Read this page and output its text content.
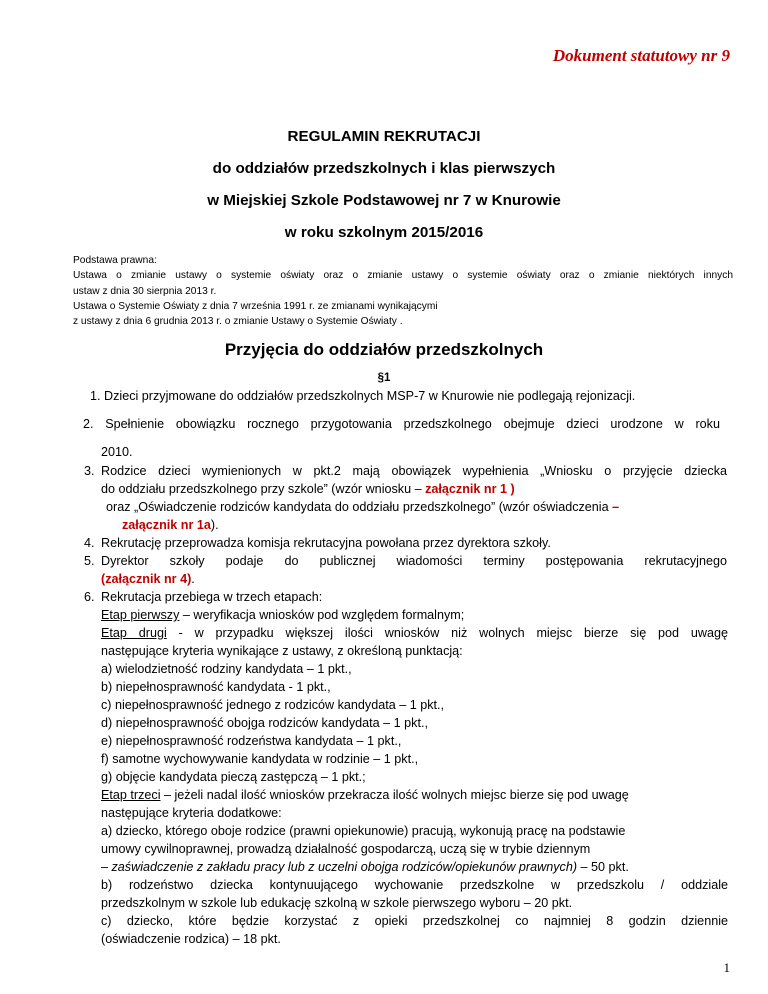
Dokument statutowy nr 9
REGULAMIN REKRUTACJI
do oddziałów przedszkolnych i klas pierwszych
w Miejskiej Szkole Podstawowej nr 7 w Knurowie
w roku szkolnym 2015/2016
Podstawa prawna:
Ustawa o zmianie ustawy o systemie oświaty oraz o zmianie ustawy o systemie oświaty oraz o zmianie niektórych innych
ustaw z dnia 30 sierpnia 2013 r.
Ustawa o Systemie Oświaty z dnia 7 września 1991 r. ze zmianami wynikającymi
z ustawy z dnia 6 grudnia 2013 r. o zmianie Ustawy o Systemie Oświaty .
Przyjęcia do oddziałów przedszkolnych
§1
1. Dzieci przyjmowane do oddziałów przedszkolnych MSP-7 w Knurowie nie podlegają rejonizacji.
2. Spełnienie obowiązku rocznego przygotowania przedszkolnego obejmuje dzieci urodzone w roku
2010.
3. Rodzice dzieci wymienionych w pkt.2 mają obowiązek wypełnienia „Wniosku o przyjęcie dziecka
do oddziału przedszkolnego przy szkole” (wzór wniosku – załącznik nr 1 )
oraz „Oświadczenie rodziców kandydata do oddziału przedszkolnego” (wzór oświadczenia –
załącznik nr 1a).
4. Rekrutację przeprowadza komisja rekrutacyjna powołana przez dyrektora szkoły.
5. Dyrektor szkoły podaje do publicznej wiadomości terminy postępowania rekrutacyjnego
(załącznik nr 4).
6. Rekrutacja przebiega w trzech etapach:
Etap pierwszy – weryfikacja wniosków pod względem formalnym;
Etap drugi - w przypadku większej ilości wniosków niż wolnych miejsc bierze się pod uwagę
następujące kryteria wynikające z ustawy, z określoną punktacją:
a) wielodzietność rodziny kandydata – 1 pkt.,
b) niepełnosprawność kandydata - 1 pkt.,
c) niepełnosprawność jednego z rodziców kandydata – 1 pkt.,
d) niepełnosprawność obojga rodziców kandydata – 1 pkt.,
e) niepełnosprawność rodzeństwa kandydata – 1 pkt.,
f) samotne wychowywanie kandydata w rodzinie – 1 pkt.,
g) objęcie kandydata pieczą zastępczą – 1 pkt.;
Etap trzeci – jeżeli nadal ilość wniosków przekracza ilość wolnych miejsc bierze się pod uwagę
następujące kryteria dodatkowe:
a) dziecko, którego oboje rodzice (prawni opiekunowie) pracują, wykonują pracę na podstawie
umowy cywilnoprawnej, prowadzą działalność gospodarczą, uczą się w trybie dziennym
– zaświadczenie z zakładu pracy lub z uczelni obojga rodziców/opiekunów prawnych) – 50 pkt.
b) rodzeństwo dziecka kontynuującego wychowanie przedszkolne w przedszkolu / oddziale
przedszkolnym w szkole lub edukację szkolną w szkole pierwszego wyboru – 20 pkt.
c) dziecko, które będzie korzystać z opieki przedszkolnej co najmniej 8 godzin dziennie
(oświadczenie rodzica) – 18 pkt.
1
